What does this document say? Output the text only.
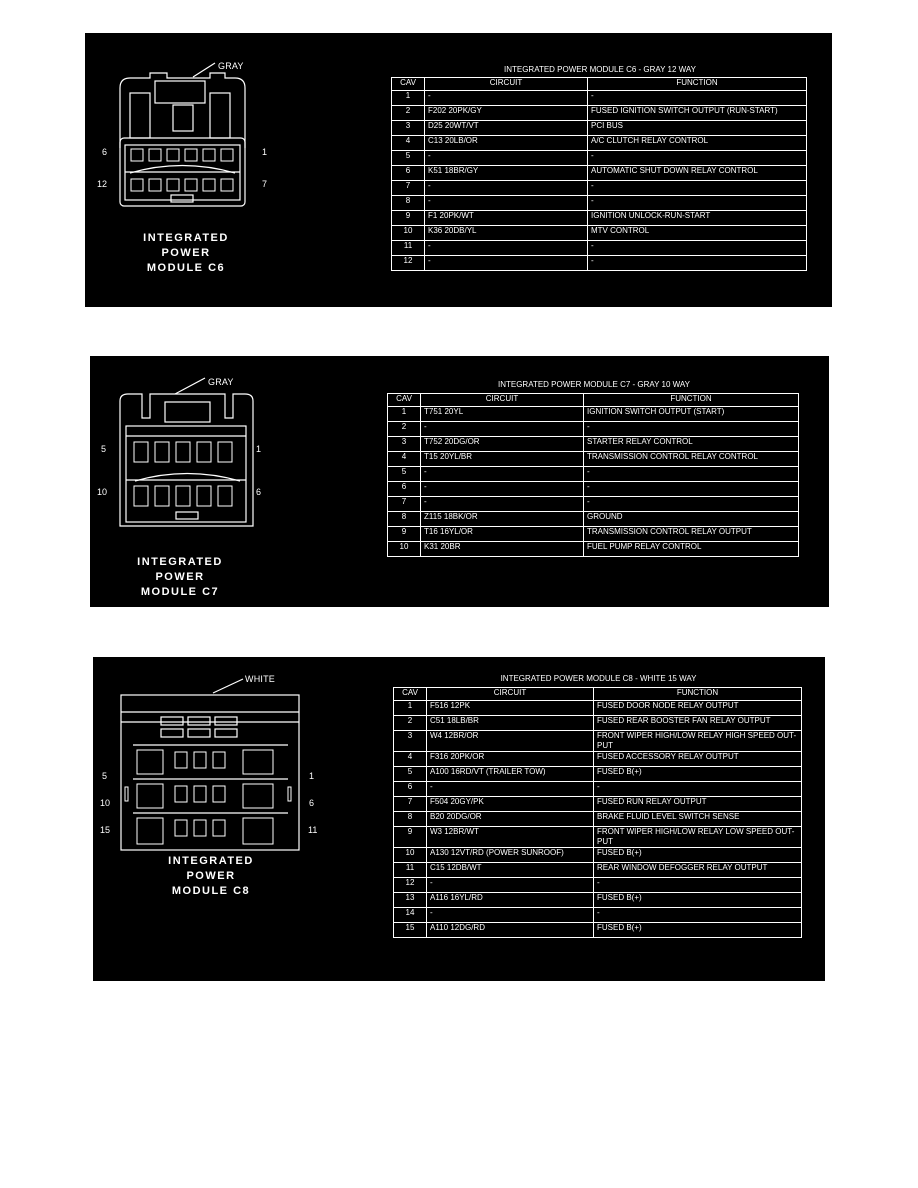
GRAY
6	1
12	7
INTEGRATED
POWER
MODULE C6
INTEGRATED POWER MODULE C6 - GRAY 12 WAY
CAV	CIRCUIT	FUNCTION
1	-	-
2	F202 20PK/GY	FUSED IGNITION SWITCH OUTPUT (RUN-START)
3	D25 20WT/VT	PCI BUS
4	C13 20LB/OR	A/C CLUTCH RELAY CONTROL
5	-	-
6	K51 18BR/GY	AUTOMATIC SHUT DOWN RELAY CONTROL
7	-	-
8	-	-
9	F1 20PK/WT	IGNITION UNLOCK-RUN-START
10	K36 20DB/YL	MTV CONTROL
11	-	-
12	-	-
GRAY
5	1
10	6
INTEGRATED
POWER
MODULE C7
INTEGRATED POWER MODULE C7 - GRAY 10 WAY
CAV	CIRCUIT	FUNCTION
1	T751 20YL	IGNITION SWITCH OUTPUT (START)
2	-	-
3	T752 20DG/OR	STARTER RELAY CONTROL
4	T15 20YL/BR	TRANSMISSION CONTROL RELAY CONTROL
5	-	-
6	-	-
7	-	-
8	Z115 18BK/OR	GROUND
9	T16 16YL/OR	TRANSMISSION CONTROL RELAY OUTPUT
10	K31 20BR	FUEL PUMP RELAY CONTROL
WHITE
5	1
10	6
15	11
INTEGRATED
POWER
MODULE C8
INTEGRATED POWER MODULE C8 - WHITE 15 WAY
CAV	CIRCUIT	FUNCTION
1	F516 12PK	FUSED DOOR NODE RELAY OUTPUT
2	C51 18LB/BR	FUSED REAR BOOSTER FAN RELAY OUTPUT
3	W4 12BR/OR	FRONT WIPER HIGH/LOW RELAY HIGH SPEED OUT-PUT
4	F316 20PK/OR	FUSED ACCESSORY RELAY OUTPUT
5	A100 16RD/VT (TRAILER TOW)	FUSED B(+)
6	-	-
7	F504 20GY/PK	FUSED RUN RELAY OUTPUT
8	B20 20DG/OR	BRAKE FLUID LEVEL SWITCH SENSE
9	W3 12BR/WT	FRONT WIPER HIGH/LOW RELAY LOW SPEED OUT-PUT
10	A130 12VT/RD (POWER SUNROOF)	FUSED B(+)
11	C15 12DB/WT	REAR WINDOW DEFOGGER RELAY OUTPUT
12	-	-
13	A116 16YL/RD	FUSED B(+)
14	-	-
15	A110 12DG/RD	FUSED B(+)
